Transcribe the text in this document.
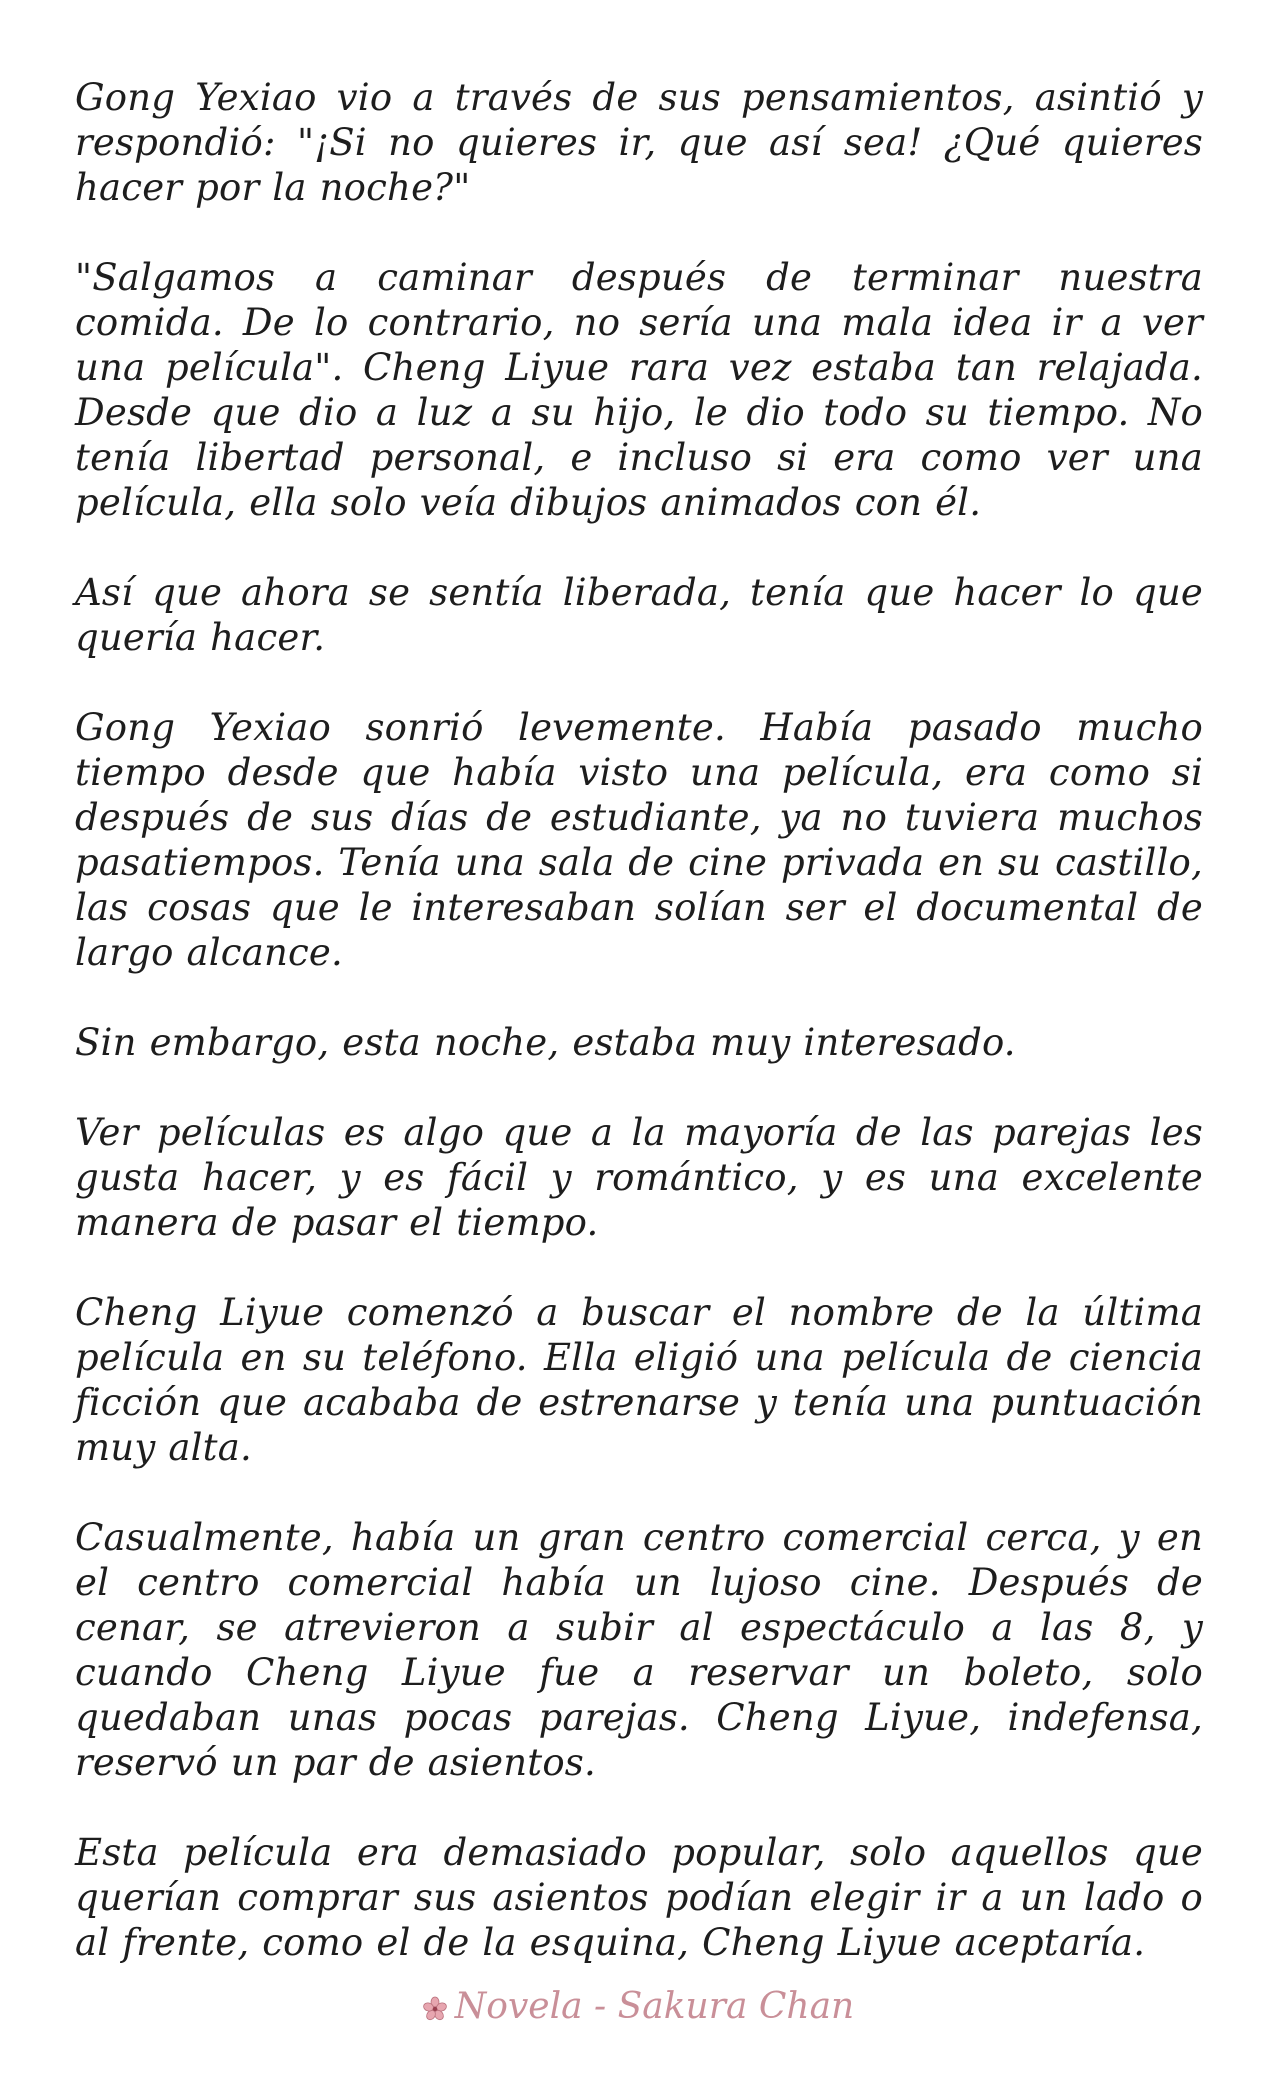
Gong Yexiao vio a través de sus pensamientos, asintió y respondió: "¡Si no quieres ir, que así sea! ¿Qué quieres hacer por la noche?"

"Salgamos a caminar después de terminar nuestra comida. De lo contrario, no sería una mala idea ir a ver una película". Cheng Liyue rara vez estaba tan relajada. Desde que dio a luz a su hijo, le dio todo su tiempo. No tenía libertad personal, e incluso si era como ver una película, ella solo veía dibujos animados con él.

Así que ahora se sentía liberada, tenía que hacer lo que quería hacer.

Gong Yexiao sonrió levemente. Había pasado mucho tiempo desde que había visto una película, era como si después de sus días de estudiante, ya no tuviera muchos pasatiempos. Tenía una sala de cine privada en su castillo, las cosas que le interesaban solían ser el documental de largo alcance.

Sin embargo, esta noche, estaba muy interesado.

Ver películas es algo que a la mayoría de las parejas les gusta hacer, y es fácil y romántico, y es una excelente manera de pasar el tiempo.

Cheng Liyue comenzó a buscar el nombre de la última película en su teléfono. Ella eligió una película de ciencia ficción que acababa de estrenarse y tenía una puntuación muy alta.

Casualmente, había un gran centro comercial cerca, y en el centro comercial había un lujoso cine. Después de cenar, se atrevieron a subir al espectáculo a las 8, y cuando Cheng Liyue fue a reservar un boleto, solo quedaban unas pocas parejas. Cheng Liyue, indefensa, reservó un par de asientos.

Esta película era demasiado popular, solo aquellos que querían comprar sus asientos podían elegir ir a un lado o al frente, como el de la esquina, Cheng Liyue aceptaría.

Novela - Sakura Chan
